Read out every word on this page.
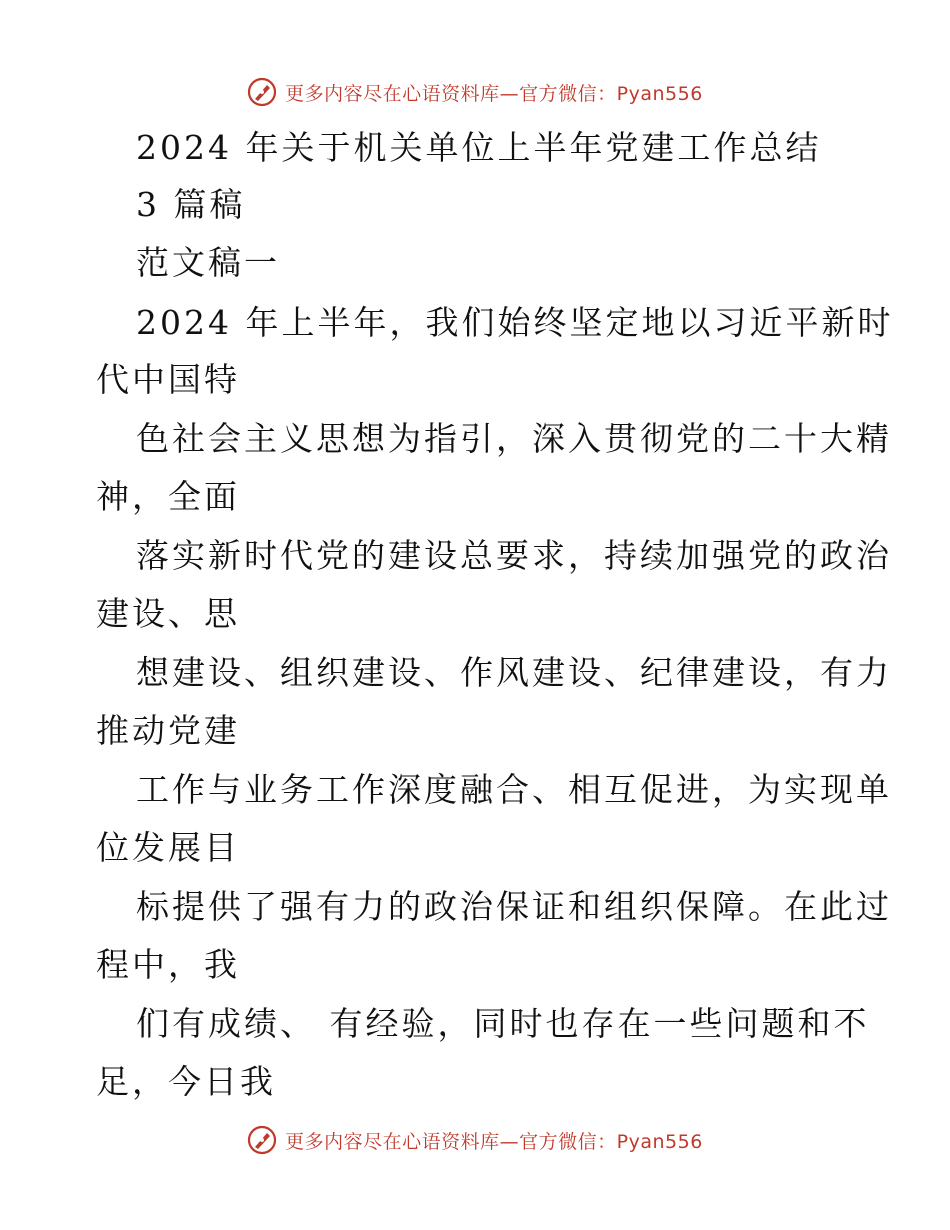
更多内容尽在心语资料库—官方微信：Pyan556
2024 年关于机关单位上半年党建工作总结
3 篇稿
范文稿一
2024 年上半年，我们始终坚定地以习近平新时
代中国特
色社会主义思想为指引，深入贯彻党的二十大精
神，全面
落实新时代党的建设总要求，持续加强党的政治
建设、思
想建设、组织建设、作风建设、纪律建设，有力
推动党建
工作与业务工作深度融合、相互促进，为实现单
位发展目
标提供了强有力的政治保证和组织保障。在此过
程中，我
们有成绩、 有经验，同时也存在一些问题和不
足，今日我
更多内容尽在心语资料库—官方微信：Pyan556
